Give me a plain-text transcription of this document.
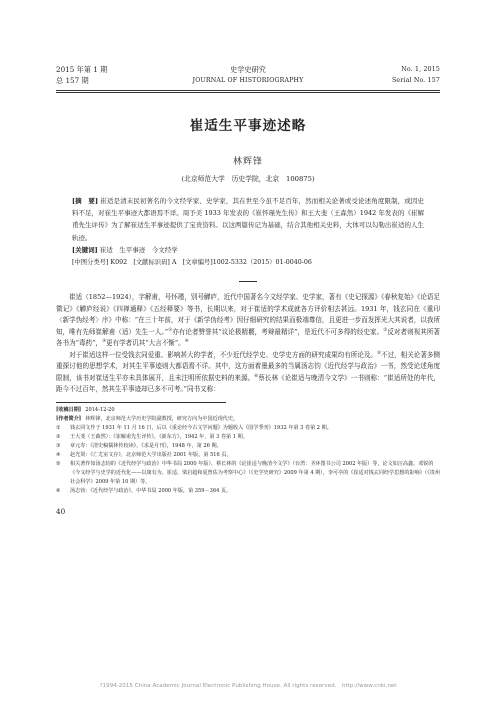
2015 年第 1 期
总 157 期
史学史研究
JOURNAL OF HISTORIOGRAPHY
No. 1, 2015
Serial No. 157
崔适生平事迹述略
林辉锋
(北京师范大学　历史学院，北京　100875)
[摘　要] 崔适是清末民初著名的今文经学家、史学家，其在世至今虽不足百年，然而相关论著或受论述角度限制，或因史料不足，对崔生平事迹大都语焉不详。周予美 1933 年发表的《崔怀瑾先生传》和王大斐（王森然）1942 年发表的《崔解甫先生评传》为了解崔适生平事迹提供了宝贵资料。以这两篇传记为基础，结合其他相关史料，大体可以勾勒出崔适的人生轨迹。
[关键词] 崔适　生平事迹　今文经学
[中图分类号] K092　[文献标识码] A　[文章编号]1002-5332（2015）01-0040-06

崔适（1852—1924），字解甫，号怀瑾，别号觯庐，近代中国著名今文经学家、史学家，著有《史记探源》《春秋复始》《论语足徵记》《觯庐经说》《四禅通释》《五经释要》等书，长期以来，对于崔适的学术成就各方评价相去甚远。1931 年，钱玄同在《重印〈新学伪经考〉序》中称：“在三十年前，对于《新学伪经考》因仔细研究的结果而极端尊信，且更进一步而发挥光大其说者，以我所知，唯有先师崔解甫（适）先生一人。”①亦有论者赞誉其“议论极精覈，考辩最精详”，是近代不可多得的经史家。②反对者则视其所著各书为“毒药”，③更有学者讥其“大言不惭”。④

对于崔适这样一位受钱玄同爱重、影响甚大的学者，不少近代经学史、史学史方面的研究成果均有所论及。⑤不过，相关论著多侧重探讨他的思想学术，对其生平事迹则大都语焉不详。其中，这方面着墨最多的当属汤志钧《近代经学与政治》一书，然受论述角度限制，该书对崔适生平亦未具体展开，且未注明所依据史料的来源。⑥蔡长林《论崔适与晚清今文学》一书则称：“崔适所处的年代，距今不过百年，然其生平事迹却已多不可考。”同书又称：

[收稿日期] 2014-12-20
[作者简介] 林辉锋，北京师范大学历史学院副教授，研究方向为中国近现代史。
①	钱玄同文作于 1931 年 11 月 16 日，后以《重论经今古文学问题》为题收入《国学季刊》1932 年第 3 卷第 2 期。
②	王大斐（王森然）：《崔解甫先生评传》，《新东方》，1942 年，第 3 卷第 1 期。
③	章元寿：《清史稿儒林传校读》，《求是月刊》，1948 年，第 26 期。
④	赵光贤：《亡尤室文存》，北京师范大学出版社 2001 年版，第 516 页。
⑤	相关著作如汤志钧的《近代经学与政治》中华书局 2000 年版），蔡长林的《论崔适与晚清今文学》（台湾：圣环图书公司 2002 年版）等，论文如汪高鑫、邓锐的《今文经学与史学的近代化——以康有为、崔适、梁启超和夏曾佑为考察中心》（《史学史研究》2009 年第 4 期），李可亭的《崔适对钱玄同经学思想的影响》（《贵州社会科学》2009 年第 10 期）等。
⑥	汤志钧：《近代经学与政治》，中华书局 2000 年版，第 359－364 页。
40
?1994-2015 China Academic Journal Electronic Publishing House. All rights reserved.　http://www.cnki.net
